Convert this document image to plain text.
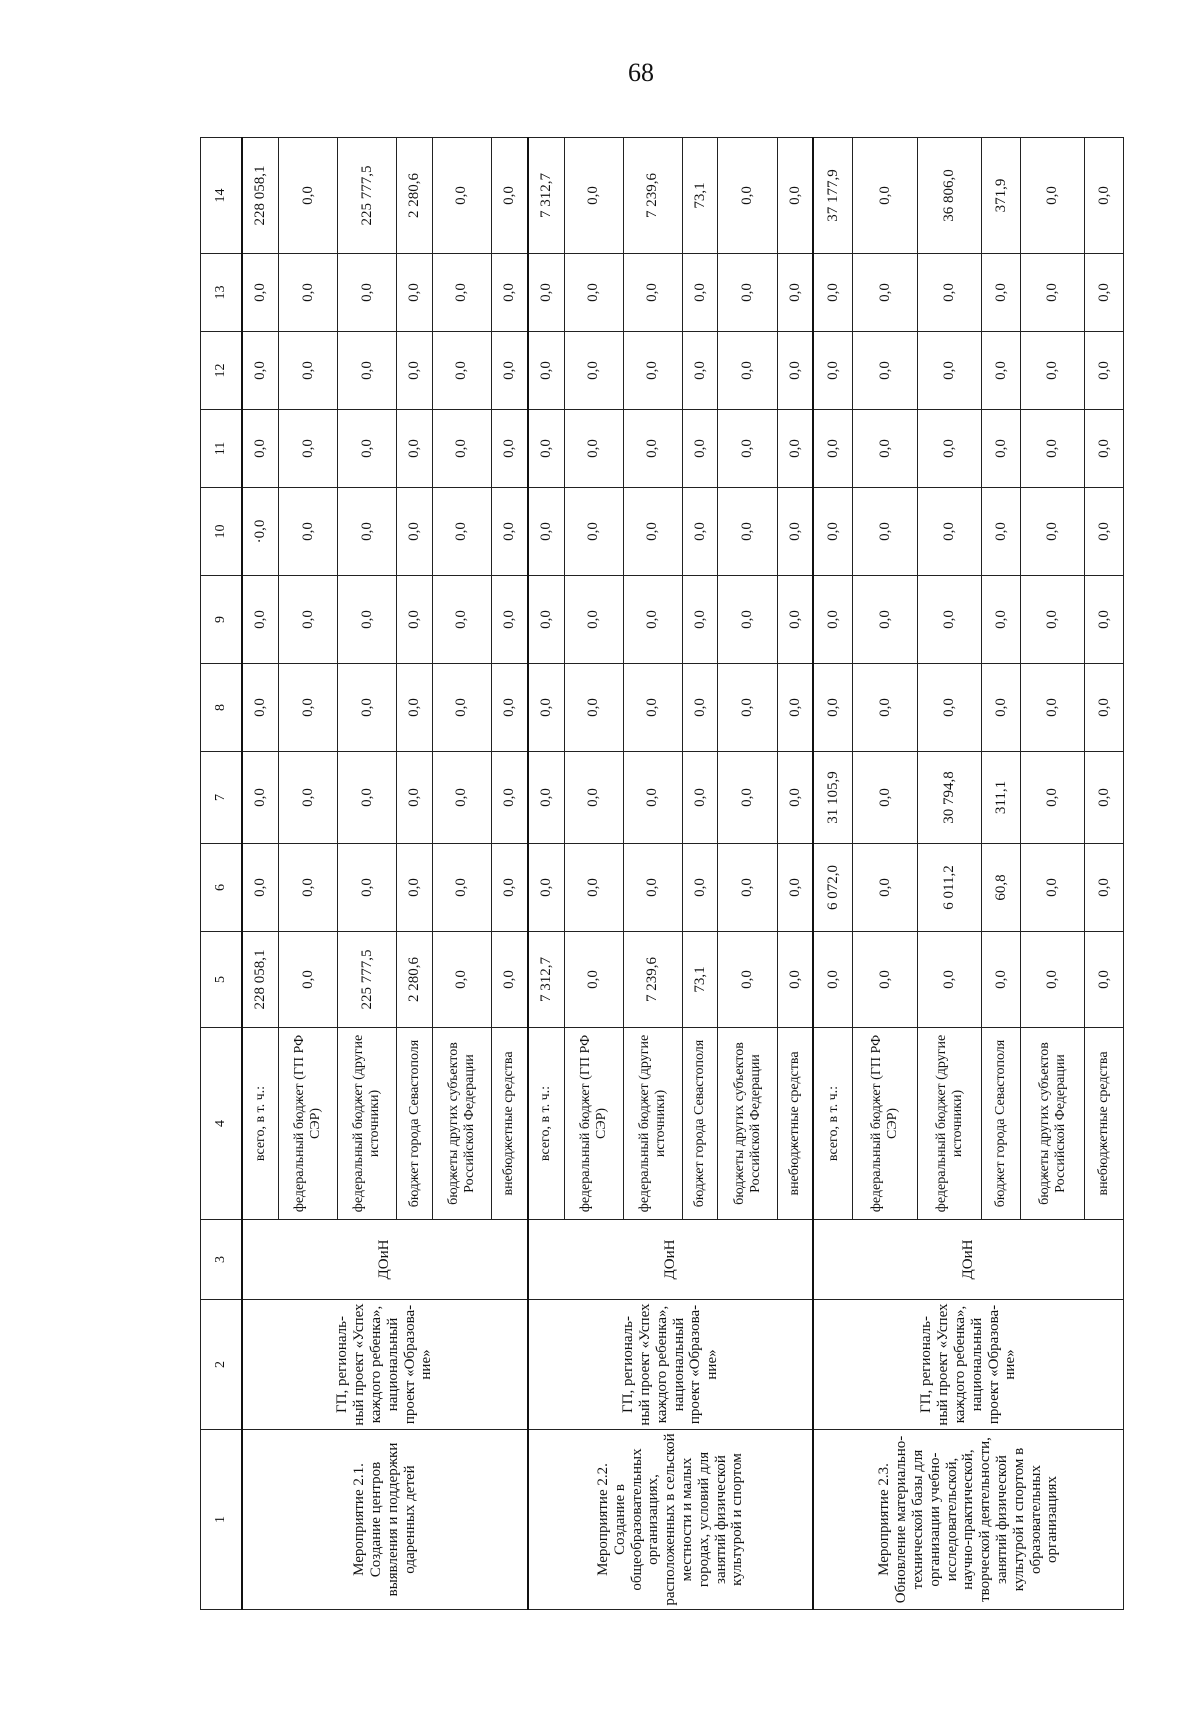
68
1	2	3	4	5	6	7	8	9	10	11	12	13	14
Мероприятие 2.1. Создание центров выявления и поддержки одаренных детей	ГП, региональ-ный проект «Успех каждого ребенка», национальный проект «Образова-ние»	ДОиН	всего, в т. ч.:	228 058,1	0,0	0,0	0,0	0,0	·0,0	0,0	0,0	0,0	228 058,1
			федеральный бюджет (ГП РФ СЭР)	0,0	0,0	0,0	0,0	0,0	0,0	0,0	0,0	0,0	0,0
			федеральный бюджет (другие источники)	225 777,5	0,0	0,0	0,0	0,0	0,0	0,0	0,0	0,0	225 777,5
			бюджет города Севастополя	2 280,6	0,0	0,0	0,0	0,0	0,0	0,0	0,0	0,0	2 280,6
			бюджеты других субъектов Российской Федерации	0,0	0,0	0,0	0,0	0,0	0,0	0,0	0,0	0,0	0,0
			внебюджетные средства	0,0	0,0	0,0	0,0	0,0	0,0	0,0	0,0	0,0	0,0
Мероприятие 2.2. Создание в общеобразовательных организациях, расположенных в сельской местности и малых городах, условий для занятий физической культурой и спортом	ГП, региональ-ный проект «Успех каждого ребенка», национальный проект «Образова-ние»	ДОиН	всего, в т. ч.:	7 312,7	0,0	0,0	0,0	0,0	0,0	0,0	0,0	0,0	7 312,7
			федеральный бюджет (ГП РФ СЭР)	0,0	0,0	0,0	0,0	0,0	0,0	0,0	0,0	0,0	0,0
			федеральный бюджет (другие источники)	7 239,6	0,0	0,0	0,0	0,0	0,0	0,0	0,0	0,0	7 239,6
			бюджет города Севастополя	73,1	0,0	0,0	0,0	0,0	0,0	0,0	0,0	0,0	73,1
			бюджеты других субъектов Российской Федерации	0,0	0,0	0,0	0,0	0,0	0,0	0,0	0,0	0,0	0,0
			внебюджетные средства	0,0	0,0	0,0	0,0	0,0	0,0	0,0	0,0	0,0	0,0
Мероприятие 2.3. Обновление материально-технической базы для организации учебно-исследовательской, научно-практической, творческой деятельности, занятий физической культурой и спортом в образовательных организациях	ГП, региональ-ный проект «Успех каждого ребенка», национальный проект «Образова-ние»	ДОиН	всего, в т. ч.:	0,0	6 072,0	31 105,9	0,0	0,0	0,0	0,0	0,0	0,0	37 177,9
			федеральный бюджет (ГП РФ СЭР)	0,0	0,0	0,0	0,0	0,0	0,0	0,0	0,0	0,0	0,0
			федеральный бюджет (другие источники)	0,0	6 011,2	30 794,8	0,0	0,0	0,0	0,0	0,0	0,0	36 806,0
			бюджет города Севастополя	0,0	60,8	311,1	0,0	0,0	0,0	0,0	0,0	0,0	371,9
			бюджеты других субъектов Российской Федерации	0,0	0,0	0,0	0,0	0,0	0,0	0,0	0,0	0,0	0,0
			внебюджетные средства	0,0	0,0	0,0	0,0	0,0	0,0	0,0	0,0	0,0	0,0
